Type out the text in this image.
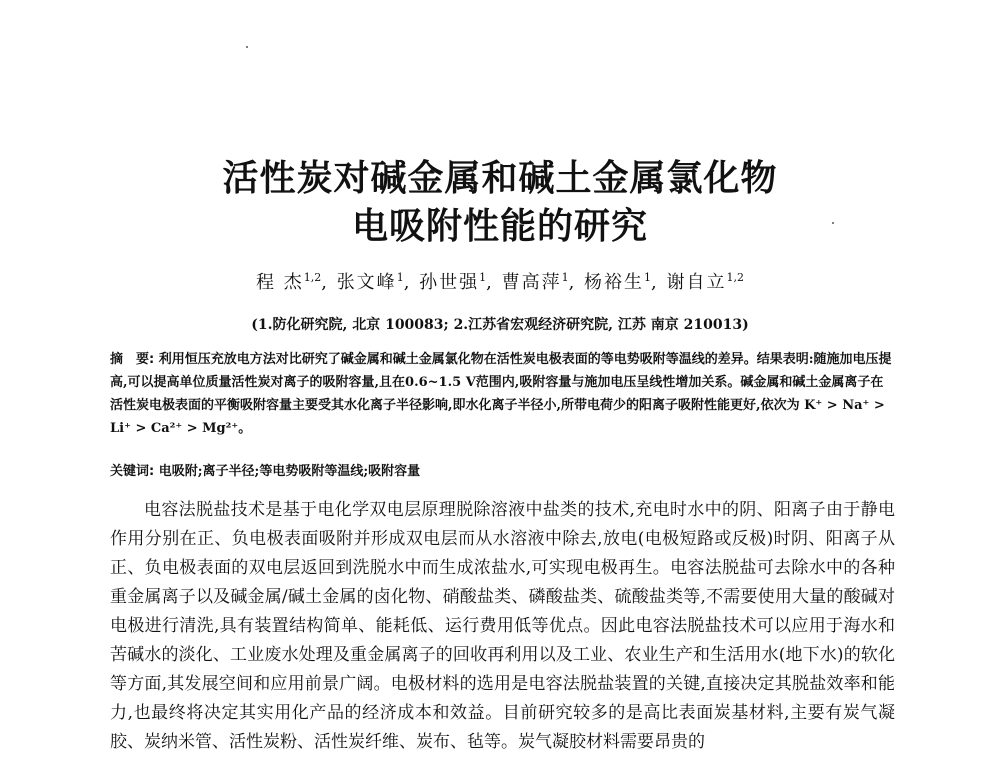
活性炭对碱金属和碱土金属氯化物
电吸附性能的研究
程 杰$^{1,2}$, 张文峰$^1$, 孙世强$^1$, 曹高萍$^1$, 杨裕生$^1$, 谢自立$^{1,2}$
(1.防化研究院, 北京 100083; 2.江苏省宏观经济研究院, 江苏 南京 210013)
摘　要: 利用恒压充放电方法对比研究了碱金属和碱土金属氯化物在活性炭电极表面的等电势吸附等温线的差异。结果表明:随施加电压提高,可以提高单位质量活性炭对离子的吸附容量,且在0.6~1.5 V范围内,吸附容量与施加电压呈线性增加关系。碱金属和碱土金属离子在活性炭电极表面的平衡吸附容量主要受其水化离子半径影响,即水化离子半径小,所带电荷少的阳离子吸附性能更好,依次为 K⁺ > Na⁺ > Li⁺ > Ca²⁺ > Mg²⁺。
关键词: 电吸附;离子半径;等电势吸附等温线;吸附容量
电容法脱盐技术是基于电化学双电层原理脱除溶液中盐类的技术,充电时水中的阴、阳离子由于静电作用分别在正、负电极表面吸附并形成双电层而从水溶液中除去,放电(电极短路或反极)时阴、阳离子从正、负电极表面的双电层返回到洗脱水中而生成浓盐水,可实现电极再生。电容法脱盐可去除水中的各种重金属离子以及碱金属/碱土金属的卤化物、硝酸盐类、磷酸盐类、硫酸盐类等,不需要使用大量的酸碱对电极进行清洗,具有装置结构简单、能耗低、运行费用低等优点。因此电容法脱盐技术可以应用于海水和苦碱水的淡化、工业废水处理及重金属离子的回收再利用以及工业、农业生产和生活用水(地下水)的软化等方面,其发展空间和应用前景广阔。电极材料的选用是电容法脱盐装置的关键,直接决定其脱盐效率和能力,也最终将决定其实用化产品的经济成本和效益。目前研究较多的是高比表面炭基材料,主要有炭气凝胶、炭纳米管、活性炭粉、活性炭纤维、炭布、毡等。炭气凝胶材料需要昂贵的
